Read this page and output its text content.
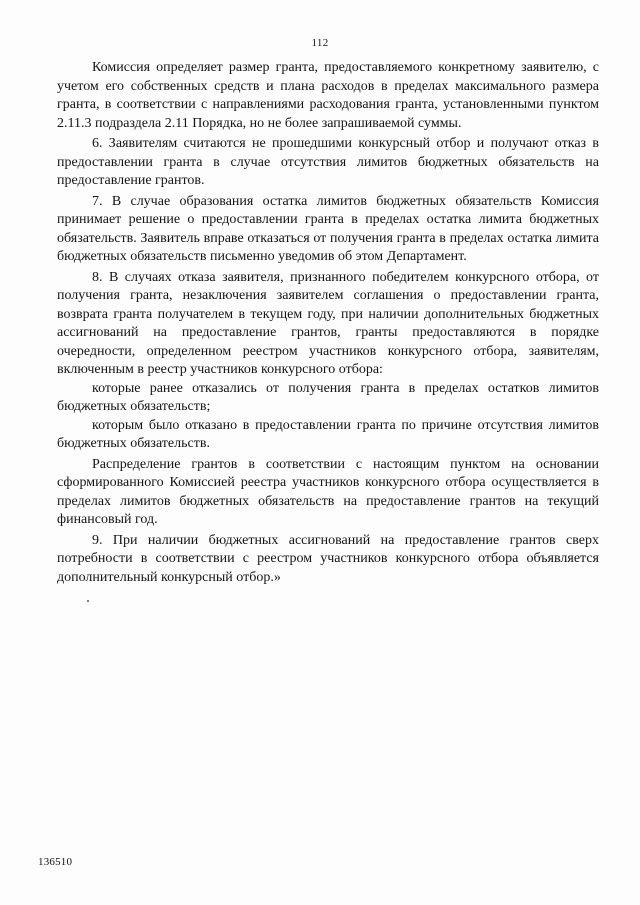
112

Комиссия определяет размер гранта, предоставляемого конкретному заявителю, с учетом его собственных средств и плана расходов в пределах максимального размера гранта, в соответствии с направлениями расходования гранта, установленными пунктом 2.11.3 подраздела 2.11 Порядка, но не более запрашиваемой суммы.

6. Заявителям считаются не прошедшими конкурсный отбор и получают отказ в предоставлении гранта в случае отсутствия лимитов бюджетных обязательств на предоставление грантов.

7. В случае образования остатка лимитов бюджетных обязательств Комиссия принимает решение о предоставлении гранта в пределах остатка лимита бюджетных обязательств. Заявитель вправе отказаться от получения гранта в пределах остатка лимита бюджетных обязательств письменно уведомив об этом Департамент.

8. В случаях отказа заявителя, признанного победителем конкурсного отбора, от получения гранта, незаключения заявителем соглашения о предоставлении гранта, возврата гранта получателем в текущем году, при наличии дополнительных бюджетных ассигнований на предоставление грантов, гранты предоставляются в порядке очередности, определенном реестром участников конкурсного отбора, заявителям, включенным в реестр участников конкурсного отбора:

которые ранее отказались от получения гранта в пределах остатков лимитов бюджетных обязательств;

которым было отказано в предоставлении гранта по причине отсутствия лимитов бюджетных обязательств.

Распределение грантов в соответствии с настоящим пунктом на основании сформированного Комиссией реестра участников конкурсного отбора осуществляется в пределах лимитов бюджетных обязательств на предоставление грантов на текущий финансовый год.

9. При наличии бюджетных ассигнований на предоставление грантов сверх потребности в соответствии с реестром участников конкурсного отбора объявляется дополнительный конкурсный отбор.»

136510
